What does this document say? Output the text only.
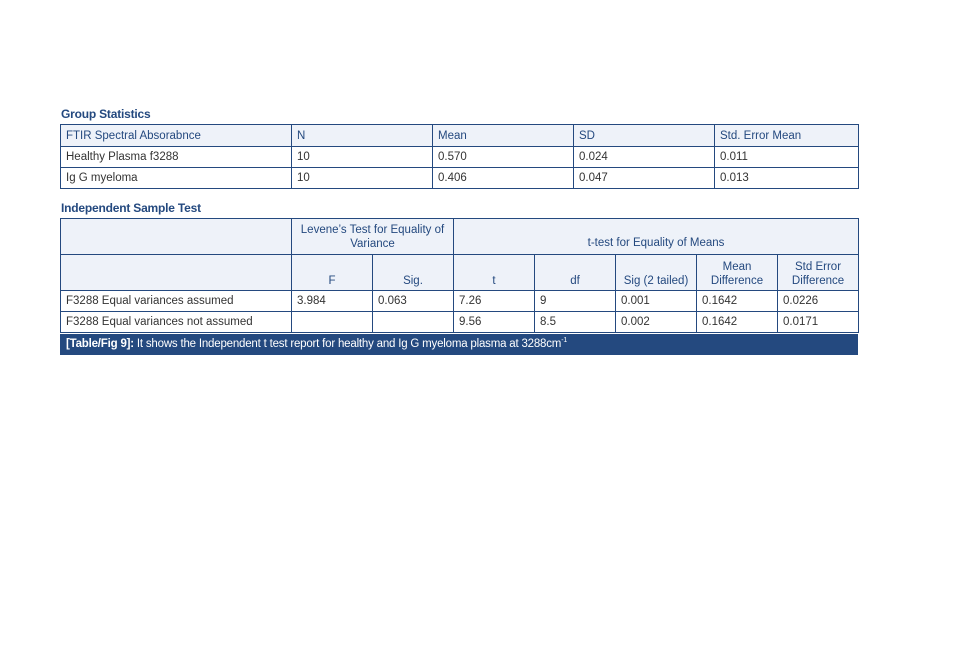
Group Statistics
FTIR Spectral Absorabnce	N	Mean	SD	Std. Error Mean
Healthy Plasma f3288	10	0.570	0.024	0.011
Ig G myeloma	10	0.406	0.047	0.013
Independent Sample Test
	Levene’s Test for Equality of Variance		t-test for Equality of Means				
	F	Sig.	t	df	Sig (2 tailed)	Mean Difference	Std Error Difference
F3288 Equal variances assumed	3.984	0.063	7.26	9	0.001	0.1642	0.0226
F3288 Equal variances not assumed			9.56	8.5	0.002	0.1642	0.0171
[Table/Fig 9]: It shows the Independent t test report for healthy and Ig G myeloma plasma at $3288cm^{-1}$
